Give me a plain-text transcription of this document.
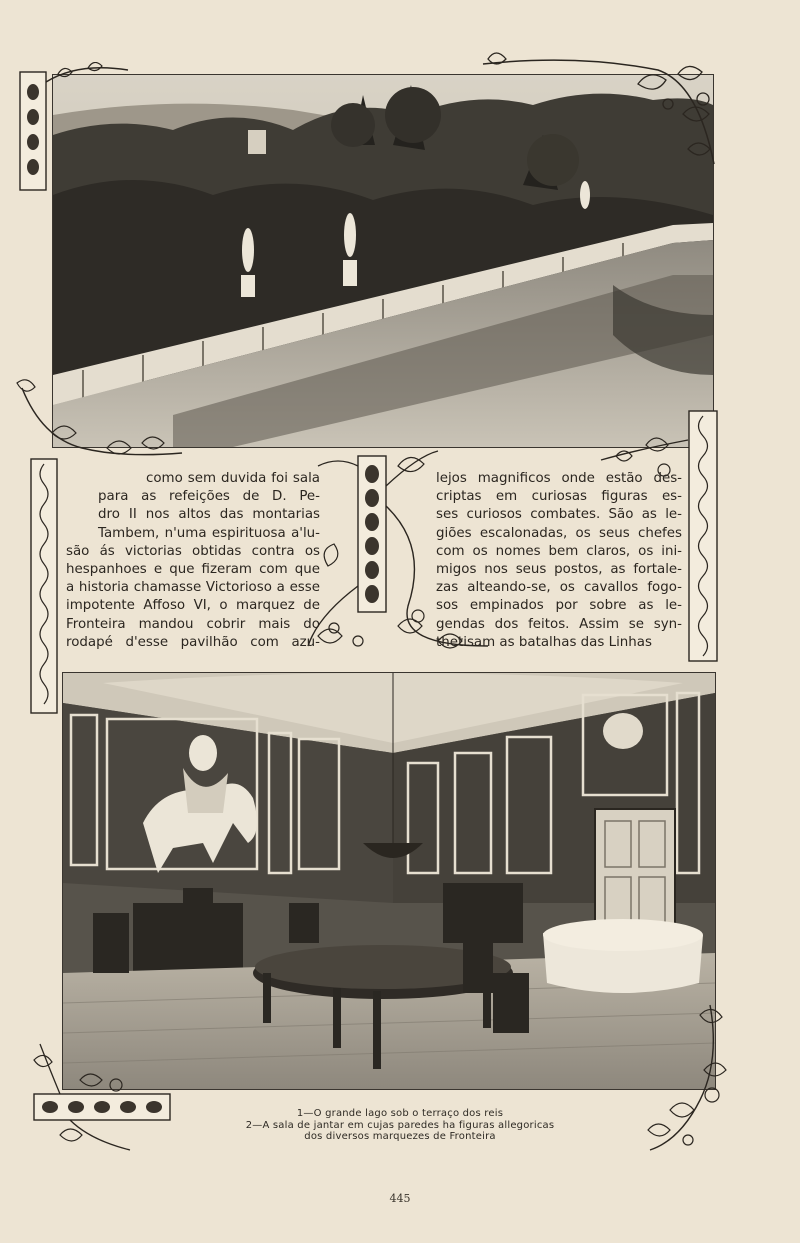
como sem duvida foi sala
para as refeições de D. Pe-
dro II nos altos das montarias
Tambem, n'uma espirituosa a'lu-
são ás victorias obtidas contra os
hespanhoes e que fizeram com que
a historia chamasse Victorioso a esse
impotente Affoso VI, o marquez de
Fronteira mandou cobrir mais do
rodapé d'esse pavilhão com azu-
lejos magnificos onde estão des-
criptas em curiosas figuras es-
ses curiosos combates. São as le-
giões escalonadas, os seus chefes
com os nomes bem claros, os ini-
migos nos seus postos, as fortale-
zas alteando-se, os cavallos fogo-
sos empinados por sobre as le-
gendas dos feitos. Assim se syn-
thetisam as batalhas das Linhas
1—O grande lago sob o terraço dos reis
2—A sala de jantar em cujas paredes ha figuras allegoricas
dos diversos marquezes de Fronteira
445
